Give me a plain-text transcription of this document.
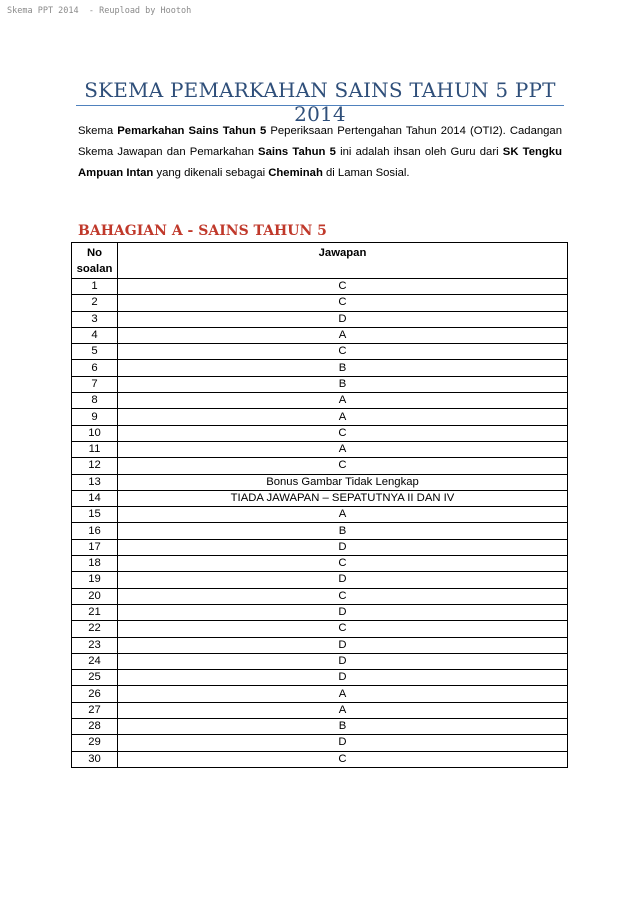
Skema PPT 2014  - Reupload by Hootoh
SKEMA PEMARKAHAN SAINS TAHUN 5 PPT 2014
Skema Pemarkahan Sains Tahun 5 Peperiksaan Pertengahan Tahun 2014 (OTI2). Cadangan Skema Jawapan dan Pemarkahan Sains Tahun 5 ini adalah ihsan oleh Guru dari SK Tengku Ampuan Intan yang dikenali sebagai Cheminah di Laman Sosial.
BAHAGIAN A - SAINS TAHUN 5
No soalan	Jawapan
1	C
2	C
3	D
4	A
5	C
6	B
7	B
8	A
9	A
10	C
11	A
12	C
13	Bonus Gambar Tidak Lengkap
14	TIADA JAWAPAN – SEPATUTNYA II DAN IV
15	A
16	B
17	D
18	C
19	D
20	C
21	D
22	C
23	D
24	D
25	D
26	A
27	A
28	B
29	D
30	C
